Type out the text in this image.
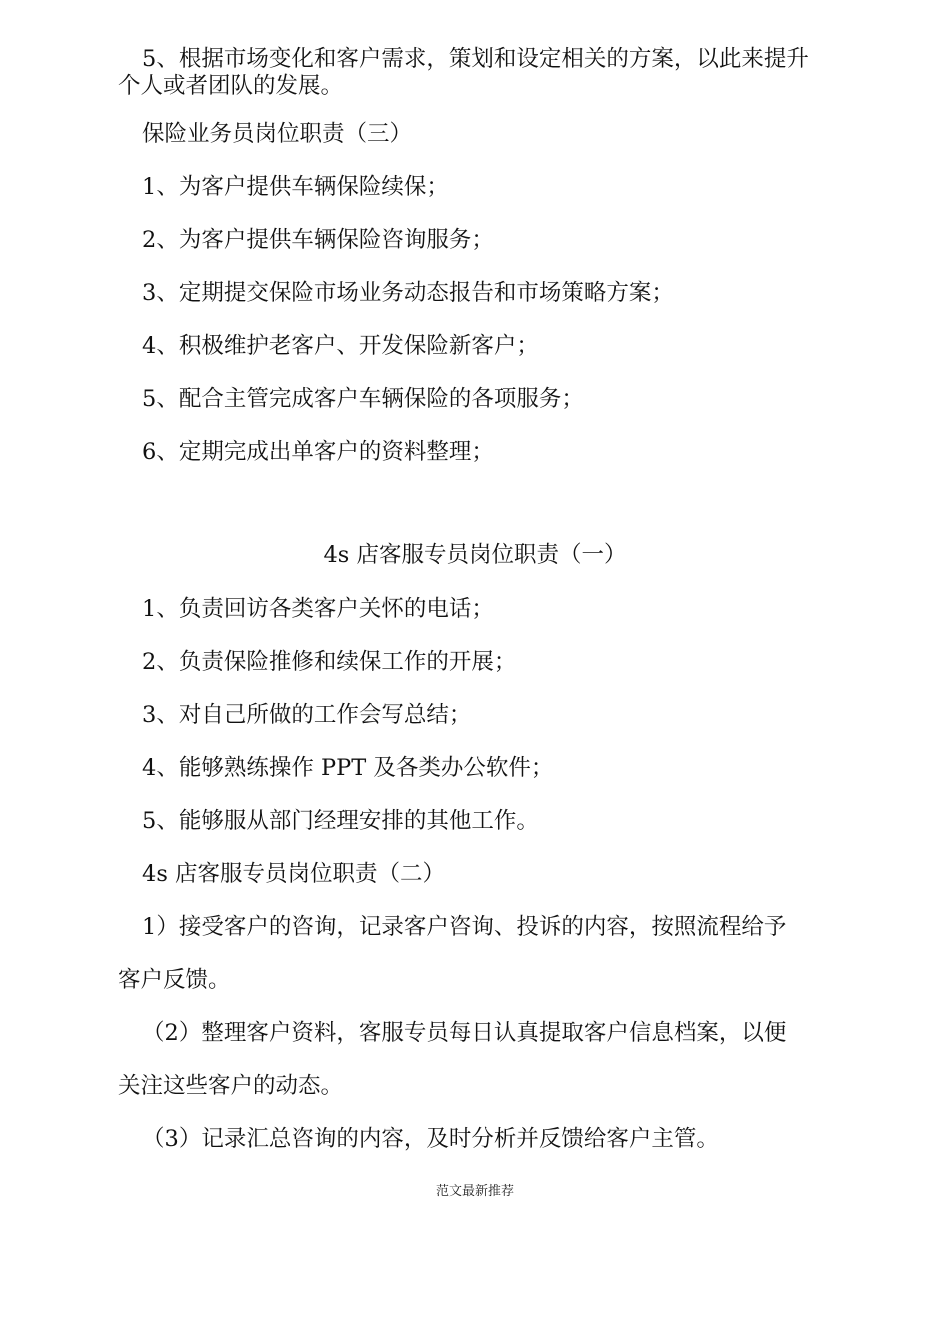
5、根据市场变化和客户需求，策划和设定相关的方案，以此来提升个人或者团队的发展。
保险业务员岗位职责（三）
1、为客户提供车辆保险续保；
2、为客户提供车辆保险咨询服务；
3、定期提交保险市场业务动态报告和市场策略方案；
4、积极维护老客户、开发保险新客户；
5、配合主管完成客户车辆保险的各项服务；
6、定期完成出单客户的资料整理；
4s 店客服专员岗位职责（一）
1、负责回访各类客户关怀的电话；
2、负责保险推修和续保工作的开展；
3、对自己所做的工作会写总结；
4、能够熟练操作 PPT 及各类办公软件；
5、能够服从部门经理安排的其他工作。
4s 店客服专员岗位职责（二）
1）接受客户的咨询，记录客户咨询、投诉的内容，按照流程给予
客户反馈。
（2）整理客户资料，客服专员每日认真提取客户信息档案，以便
关注这些客户的动态。
（3）记录汇总咨询的内容，及时分析并反馈给客户主管。
范文最新推荐
